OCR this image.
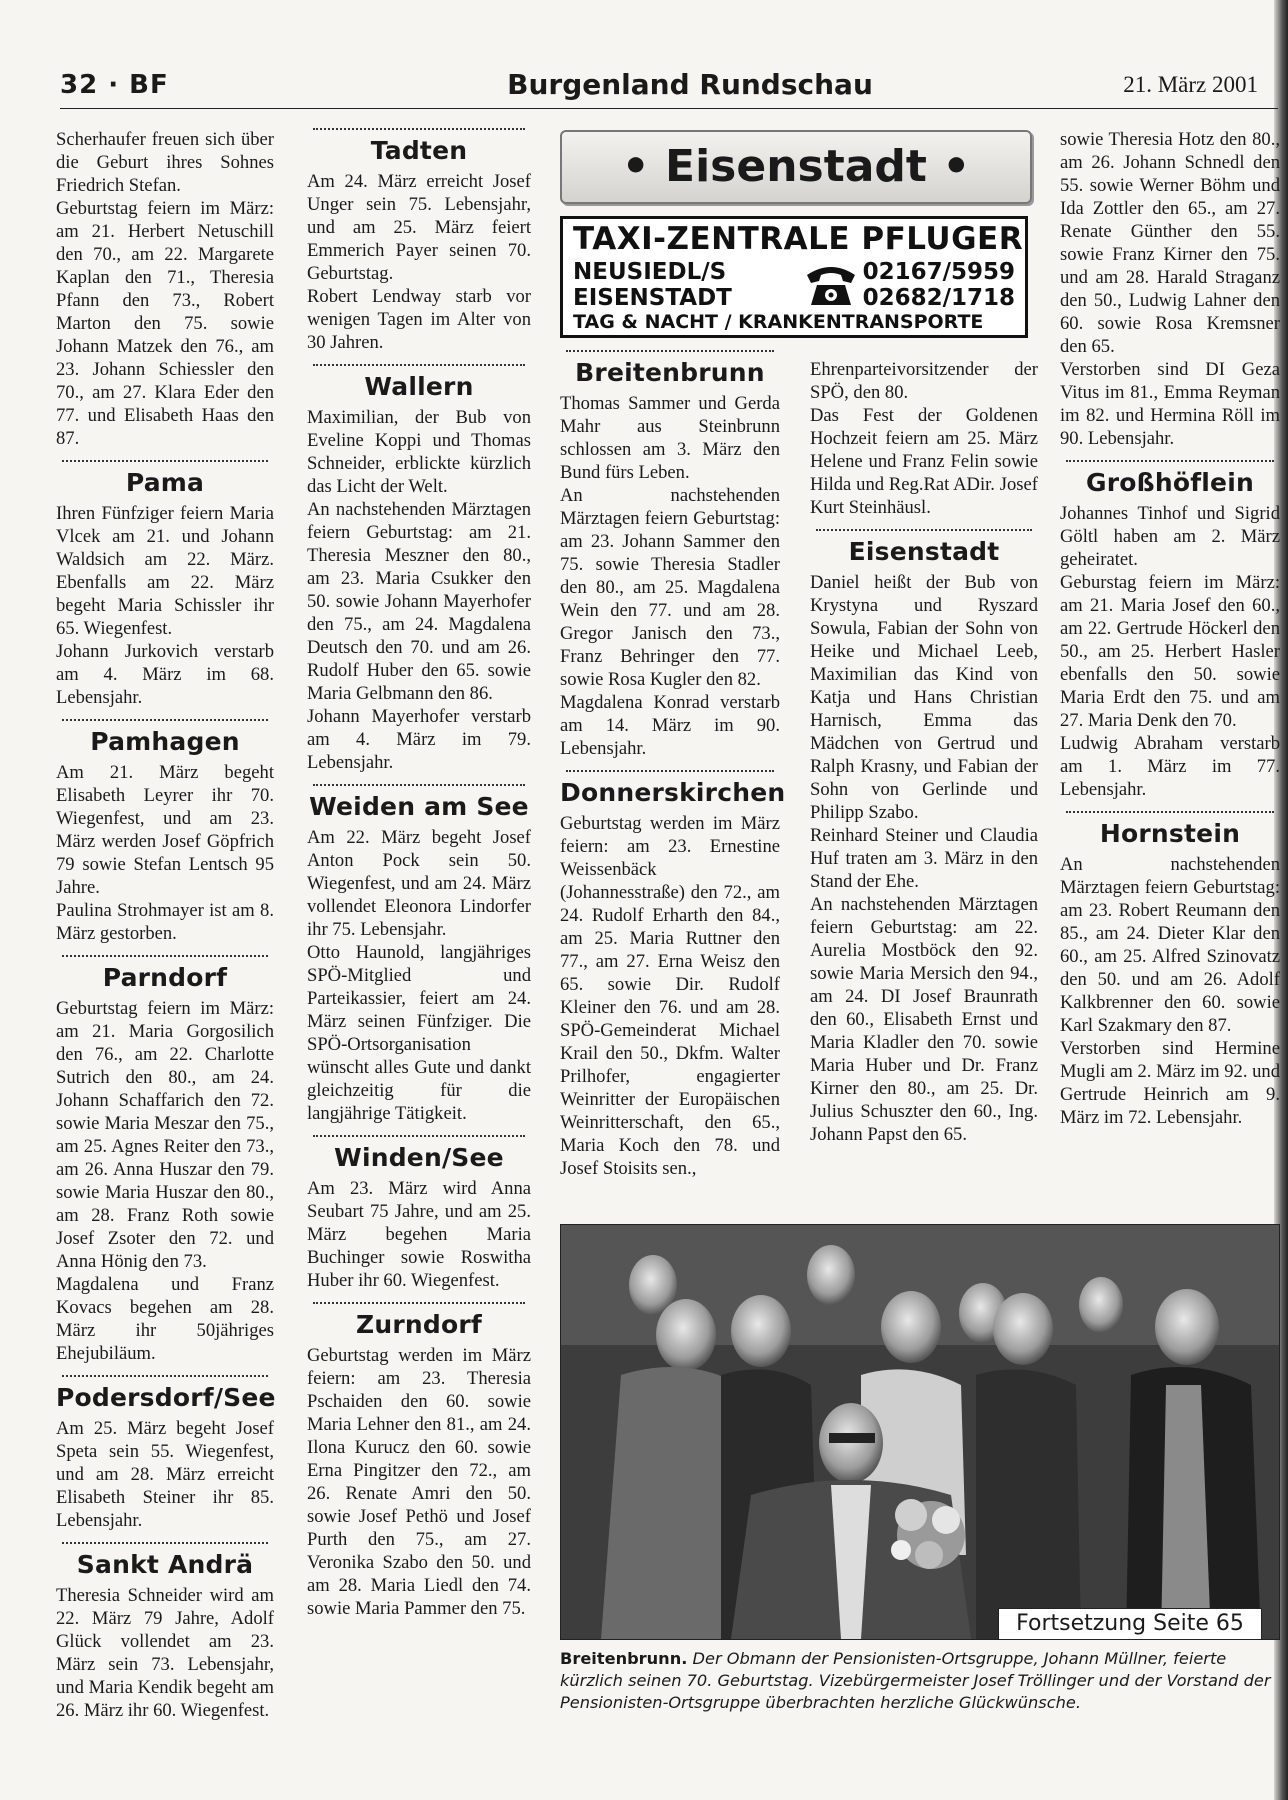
32 · BF	Burgenland Rundschau	21. März 2001

Scherhaufer freuen sich über die Geburt ihres Sohnes Friedrich Stefan.

Geburtstag feiern im März: am 21. Herbert Netuschill den 70., am 22. Margarete Kaplan den 71., Theresia Pfann den 73., Robert Marton den 75. sowie Johann Matzek den 76., am 23. Johann Schiessler den 70., am 27. Klara Eder den 77. und Elisabeth Haas den 87.

Pama

Ihren Fünfziger feiern Maria Vlcek am 21. und Johann Waldsich am 22. März. Ebenfalls am 22. März begeht Maria Schissler ihr 65. Wiegenfest.

Johann Jurkovich verstarb am 4. März im 68. Lebensjahr.

Pamhagen

Am 21. März begeht Elisabeth Leyrer ihr 70. Wiegenfest, und am 23. März werden Josef Göpfrich 79 sowie Stefan Lentsch 95 Jahre.

Paulina Strohmayer ist am 8. März gestorben.

Parndorf

Geburtstag feiern im März: am 21. Maria Gorgosilich den 76., am 22. Charlotte Sutrich den 80., am 24. Johann Schaffarich den 72. sowie Maria Meszar den 75., am 25. Agnes Reiter den 73., am 26. Anna Huszar den 79. sowie Maria Huszar den 80., am 28. Franz Roth sowie Josef Zsoter den 72. und Anna Hönig den 73.

Magdalena und Franz Kovacs begehen am 28. März ihr 50jähriges Ehejubiläum.

Podersdorf/See

Am 25. März begeht Josef Speta sein 55. Wiegenfest, und am 28. März erreicht Elisabeth Steiner ihr 85. Lebensjahr.

Sankt Andrä

Theresia Schneider wird am 22. März 79 Jahre, Adolf Glück vollendet am 23. März sein 73. Lebensjahr, und Maria Kendik begeht am 26. März ihr 60. Wiegenfest.

Tadten

Am 24. März erreicht Josef Unger sein 75. Lebensjahr, und am 25. März feiert Emmerich Payer seinen 70. Geburtstag.

Robert Lendway starb vor wenigen Tagen im Alter von 30 Jahren.

Wallern

Maximilian, der Bub von Eveline Koppi und Thomas Schneider, erblickte kürzlich das Licht der Welt.

An nachstehenden Märztagen feiern Geburtstag: am 21. Theresia Meszner den 80., am 23. Maria Csukker den 50. sowie Johann Mayerhofer den 75., am 24. Magdalena Deutsch den 70. und am 26. Rudolf Huber den 65. sowie Maria Gelbmann den 86.

Johann Mayerhofer verstarb am 4. März im 79. Lebensjahr.

Weiden am See

Am 22. März begeht Josef Anton Pock sein 50. Wiegenfest, und am 24. März vollendet Eleonora Lindorfer ihr 75. Lebensjahr.

Otto Haunold, langjähriges SPÖ-Mitglied und Parteikassier, feiert am 24. März seinen Fünfziger. Die SPÖ-Ortsorganisation wünscht alles Gute und dankt gleichzeitig für die langjährige Tätigkeit.

Winden/See

Am 23. März wird Anna Seubart 75 Jahre, und am 25. März begehen Maria Buchinger sowie Roswitha Huber ihr 60. Wiegenfest.

Zurndorf

Geburtstag werden im März feiern: am 23. Theresia Pschaiden den 60. sowie Maria Lehner den 81., am 24. Ilona Kurucz den 60. sowie Erna Pingitzer den 72., am 26. Renate Amri den 50. sowie Josef Pethö und Josef Purth den 75., am 27. Veronika Szabo den 50. und am 28. Maria Liedl den 74. sowie Maria Pammer den 75.

Breitenbrunn

Thomas Sammer und Gerda Mahr aus Steinbrunn schlossen am 3. März den Bund fürs Leben.

An nachstehenden Märztagen feiern Geburtstag: am 23. Johann Sammer den 75. sowie Theresia Stadler den 80., am 25. Magdalena Wein den 77. und am 28. Gregor Janisch den 73., Franz Behringer den 77. sowie Rosa Kugler den 82.

Magdalena Konrad verstarb am 14. März im 90. Lebensjahr.

Donnerskirchen

Geburtstag werden im März feiern: am 23. Ernestine Weissenbäck (Johannesstraße) den 72., am 24. Rudolf Erharth den 84., am 25. Maria Ruttner den 77., am 27. Erna Weisz den 65. sowie Dir. Rudolf Kleiner den 76. und am 28. SPÖ-Gemeinderat Michael Krail den 50., Dkfm. Walter Prilhofer, engagierter Weinritter der Europäischen Weinritterschaft, den 65., Maria Koch den 78. und Josef Stoisits sen.,

Ehrenparteivorsitzender der SPÖ, den 80.

Das Fest der Goldenen Hochzeit feiern am 25. März Helene und Franz Felin sowie Hilda und Reg.Rat ADir. Josef Kurt Steinhäusl.

Eisenstadt

Daniel heißt der Bub von Krystyna und Ryszard Sowula, Fabian der Sohn von Heike und Michael Leeb, Maximilian das Kind von Katja und Hans Christian Harnisch, Emma das Mädchen von Gertrud und Ralph Krasny, und Fabian der Sohn von Gerlinde und Philipp Szabo.

Reinhard Steiner und Claudia Huf traten am 3. März in den Stand der Ehe.

An nachstehenden Märztagen feiern Geburtstag: am 22. Aurelia Mostböck den 92. sowie Maria Mersich den 94., am 24. DI Josef Braunrath den 60., Elisabeth Ernst und Maria Kladler den 70. sowie Maria Huber und Dr. Franz Kirner den 80., am 25. Dr. Julius Schuszter den 60., Ing. Johann Papst den 65.

sowie Theresia Hotz den 80., am 26. Johann Schnedl den 55. sowie Werner Böhm und Ida Zottler den 65., am 27. Renate Günther den 55. sowie Franz Kirner den 75. und am 28. Harald Straganz den 50., Ludwig Lahner den 60. sowie Rosa Kremsner den 65.

Verstorben sind DI Geza Vitus im 81., Emma Reyman im 82. und Hermina Röll im 90. Lebensjahr.

Großhöflein

Johannes Tinhof und Sigrid Göltl haben am 2. März geheiratet.

Geburstag feiern im März: am 21. Maria Josef den 60., am 22. Gertrude Höckerl den 50., am 25. Herbert Hasler ebenfalls den 50. sowie Maria Erdt den 75. und am 27. Maria Denk den 70.

Ludwig Abraham verstarb am 1. März im 77. Lebensjahr.

Hornstein

An nachstehenden Märztagen feiern Geburtstag: am 23. Robert Reumann den 85., am 24. Dieter Klar den 60., am 25. Alfred Szinovatz den 50. und am 26. Adolf Kalkbrenner den 60. sowie Karl Szakmary den 87.

Verstorben sind Hermine Mugli am 2. März im 92. und Gertrude Heinrich am 9. März im 72. Lebensjahr.

• Eisenstadt •
TAXI-ZENTRALE PFLUGER
NEUSIEDL/S	02167/5959
EISENSTADT	02682/1718
TAG & NACHT / KRANKENTRANSPORTE
Fortsetzung Seite 65
Breitenbrunn. Der Obmann der Pensionisten-Ortsgruppe, Johann Müllner, feierte kürzlich seinen 70. Geburtstag. Vizebürgermeister Josef Tröllinger und der Vorstand der Pensionisten-Ortsgruppe überbrachten herzliche Glückwünsche.
